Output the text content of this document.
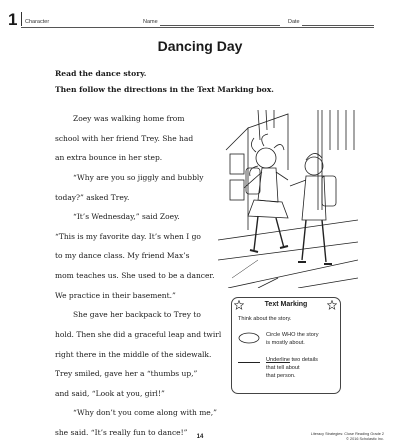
1 Character	Name	Date
Dancing Day
Read the dance story.
Then follow the directions in the Text Marking box.
Zoey was walking home from
school with her friend Trey. She had
an extra bounce in her step.
“Why are you so jiggly and bubbly
today?” asked Trey.
“It’s Wednesday,” said Zoey.
“This is my favorite day. It’s when I go
to my dance class. My friend Max’s
mom teaches us. She used to be a dancer.
We practice in their basement.”
She gave her backpack to Trey to
hold. Then she did a graceful leap and twirl
right there in the middle of the sidewalk.
Trey smiled, gave her a “thumbs up,”
and said, “Look at you, girl!”
“Why don’t you come along with me,”
she said. “It’s really fun to dance!”
Text Marking
Think about the story.
Circle WHO the story
is mostly about.
Underline two details
that tell about
that person.
14	Literacy Strategies: Close Reading Grade 2
© 2016 Scholastic Inc.
